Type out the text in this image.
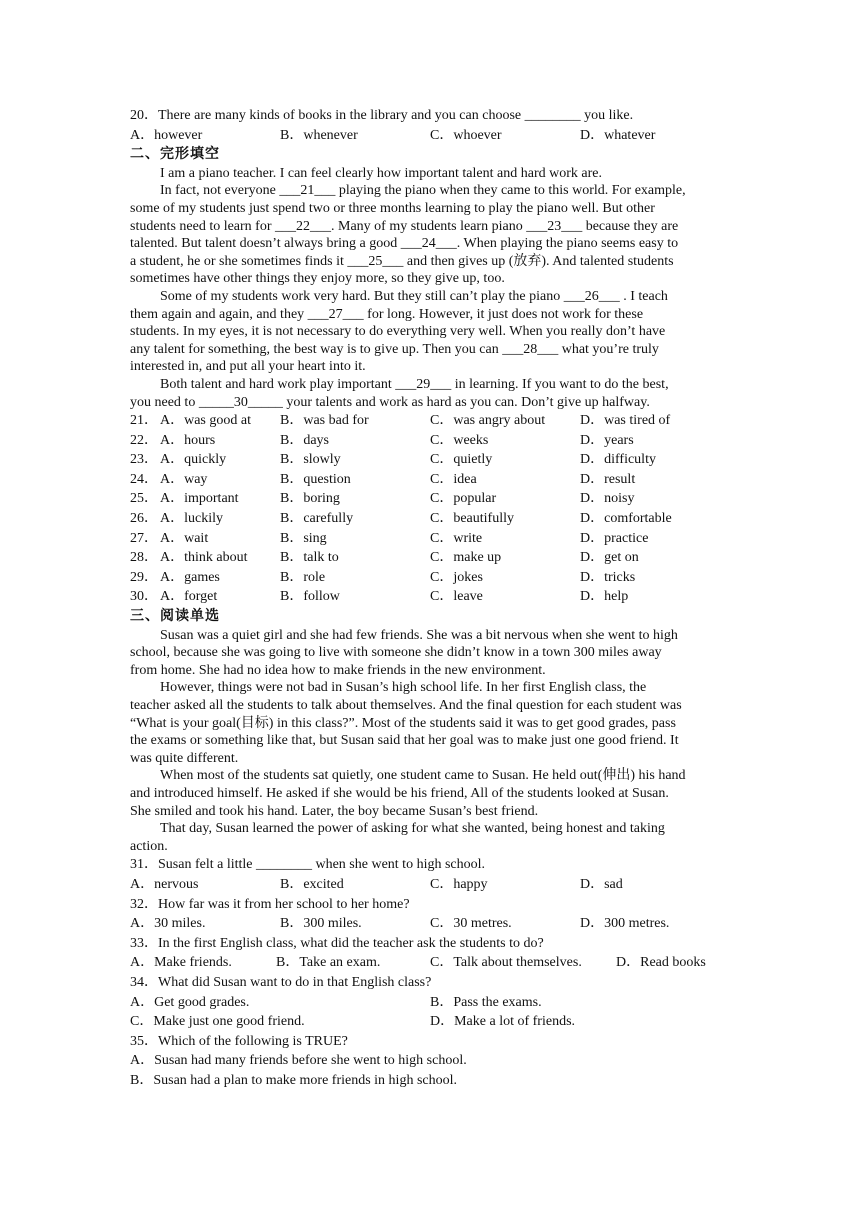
20．There are many kinds of books in the library and you can choose ________ you like.
A．however	B．whenever	C．whoever	D．whatever
二、完形填空
I am a piano teacher. I can feel clearly how important talent and hard work are.
In fact, not everyone ___21___ playing the piano when they came to this world. For example,
some of my students just spend two or three months learning to play the piano well. But other
students need to learn for ___22___. Many of my students learn piano ___23___ because they are
talented. But talent doesn’t always bring a good ___24___. When playing the piano seems easy to
a student, he or she sometimes finds it ___25___ and then gives up (放弃). And talented students
sometimes have other things they enjoy more, so they give up, too.
Some of my students work very hard. But they still can’t play the piano ___26___ . I teach
them again and again, and they ___27___ for long. However, it just does not work for these
students. In my eyes, it is not necessary to do everything very well. When you really don’t have
any talent for something, the best way is to give up. Then you can ___28___ what you’re truly
interested in, and put all your heart into it.
Both talent and hard work play important ___29___ in learning. If you want to do the best,
you need to _____30_____ your talents and work as hard as you can. Don’t give up halfway.
21． A．was good at B．was bad for	C．was angry about D．was tired of
22． A．hours	B．days	C．weeks	D．years
23． A．quickly	B．slowly	C．quietly	D．difficulty
24． A．way	B．question	C．idea	D．result
25． A．important	B．boring	C．popular	D．noisy
26． A．luckily	B．carefully	C．beautifully	D．comfortable
27． A．wait	B．sing	C．write	D．practice
28． A．think about B．talk to	C．make up	D．get on
29． A．games	B．role	C．jokes	D．tricks
30． A．forget	B．follow	C．leave	D．help
三、阅读单选
Susan was a quiet girl and she had few friends. She was a bit nervous when she went to high
school, because she was going to live with someone she didn’t know in a town 300 miles away
from home. She had no idea how to make friends in the new environment.
However, things were not bad in Susan’s high school life. In her first English class, the
teacher asked all the students to talk about themselves. And the final question for each student was
“What is your goal(目标) in this class?”. Most of the students said it was to get good grades, pass
the exams or something like that, but Susan said that her goal was to make just one good friend. It
was quite different.
When most of the students sat quietly, one student came to Susan. He held out(伸出) his hand
and introduced himself. He asked if she would be his friend, All of the students looked at Susan.
She smiled and took his hand. Later, the boy became Susan’s best friend.
That day, Susan learned the power of asking for what she wanted, being honest and taking
action.
31．Susan felt a little ________ when she went to high school.
A．nervous	B．excited	C．happy	D．sad
32．How far was it from her school to her home?
A．30 miles.	B．300 miles.	C．30 metres.	D．300 metres.
33．In the first English class, what did the teacher ask the students to do?
A．Make friends.	B．Take an exam.	C．Talk about themselves. D．Read books
34．What did Susan want to do in that English class?
A．Get good grades.	B．Pass the exams.
C．Make just one good friend.	D．Make a lot of friends.
35．Which of the following is TRUE?
A．Susan had many friends before she went to high school.
B．Susan had a plan to make more friends in high school.
